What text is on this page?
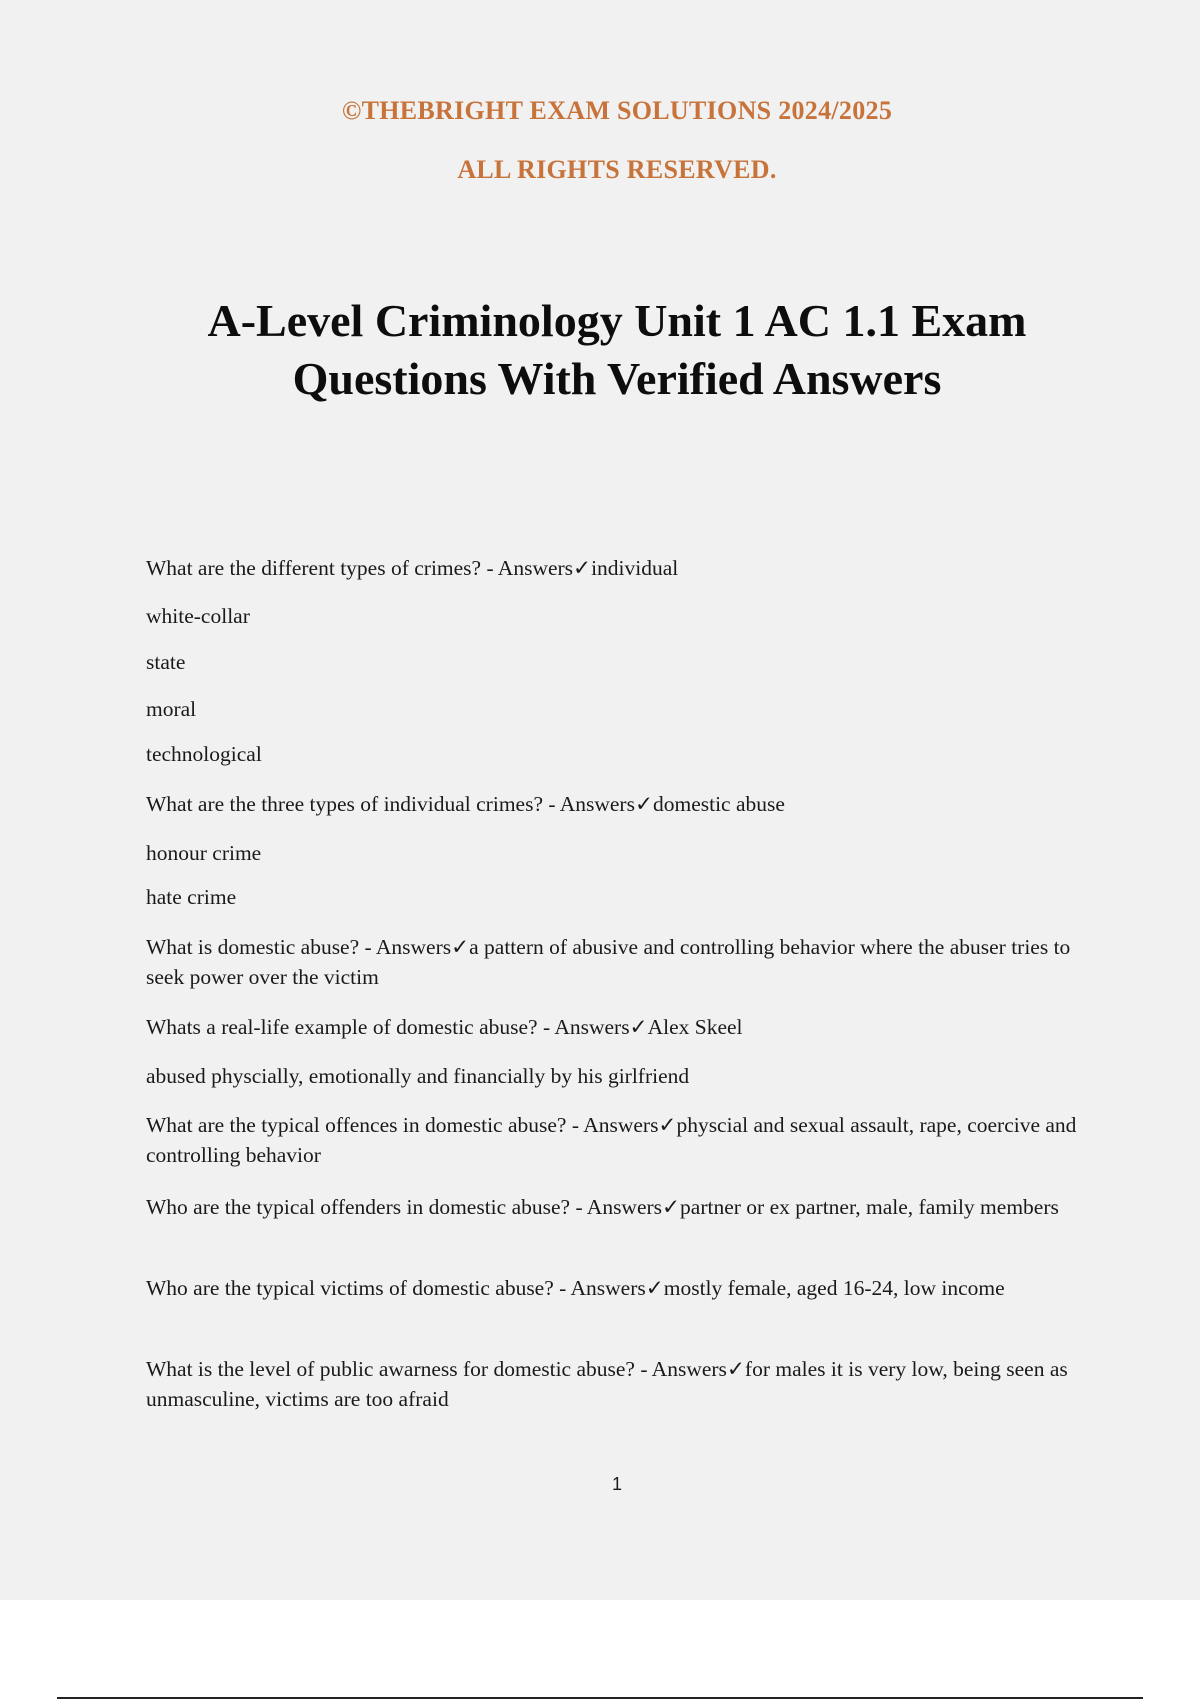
©THEBRIGHT EXAM SOLUTIONS 2024/2025
ALL RIGHTS RESERVED.
A-Level Criminology Unit 1 AC 1.1 Exam
Questions With Verified Answers

What are the different types of crimes? - Answers✓individual

white-collar

state

moral

technological

What are the three types of individual crimes? - Answers✓domestic abuse

honour crime

hate crime

What is domestic abuse? - Answers✓a pattern of abusive and controlling behavior where the abuser tries to seek power over the victim

Whats a real-life example of domestic abuse? - Answers✓Alex Skeel

abused physcially, emotionally and financially by his girlfriend

What are the typical offences in domestic abuse? - Answers✓physcial and sexual assault, rape, coercive and controlling behavior

Who are the typical offenders in domestic abuse? - Answers✓partner or ex partner, male, family members

Who are the typical victims of domestic abuse? - Answers✓mostly female, aged 16-24, low income

What is the level of public awarness for domestic abuse? - Answers✓for males it is very low, being seen as unmasculine, victims are too afraid

1
